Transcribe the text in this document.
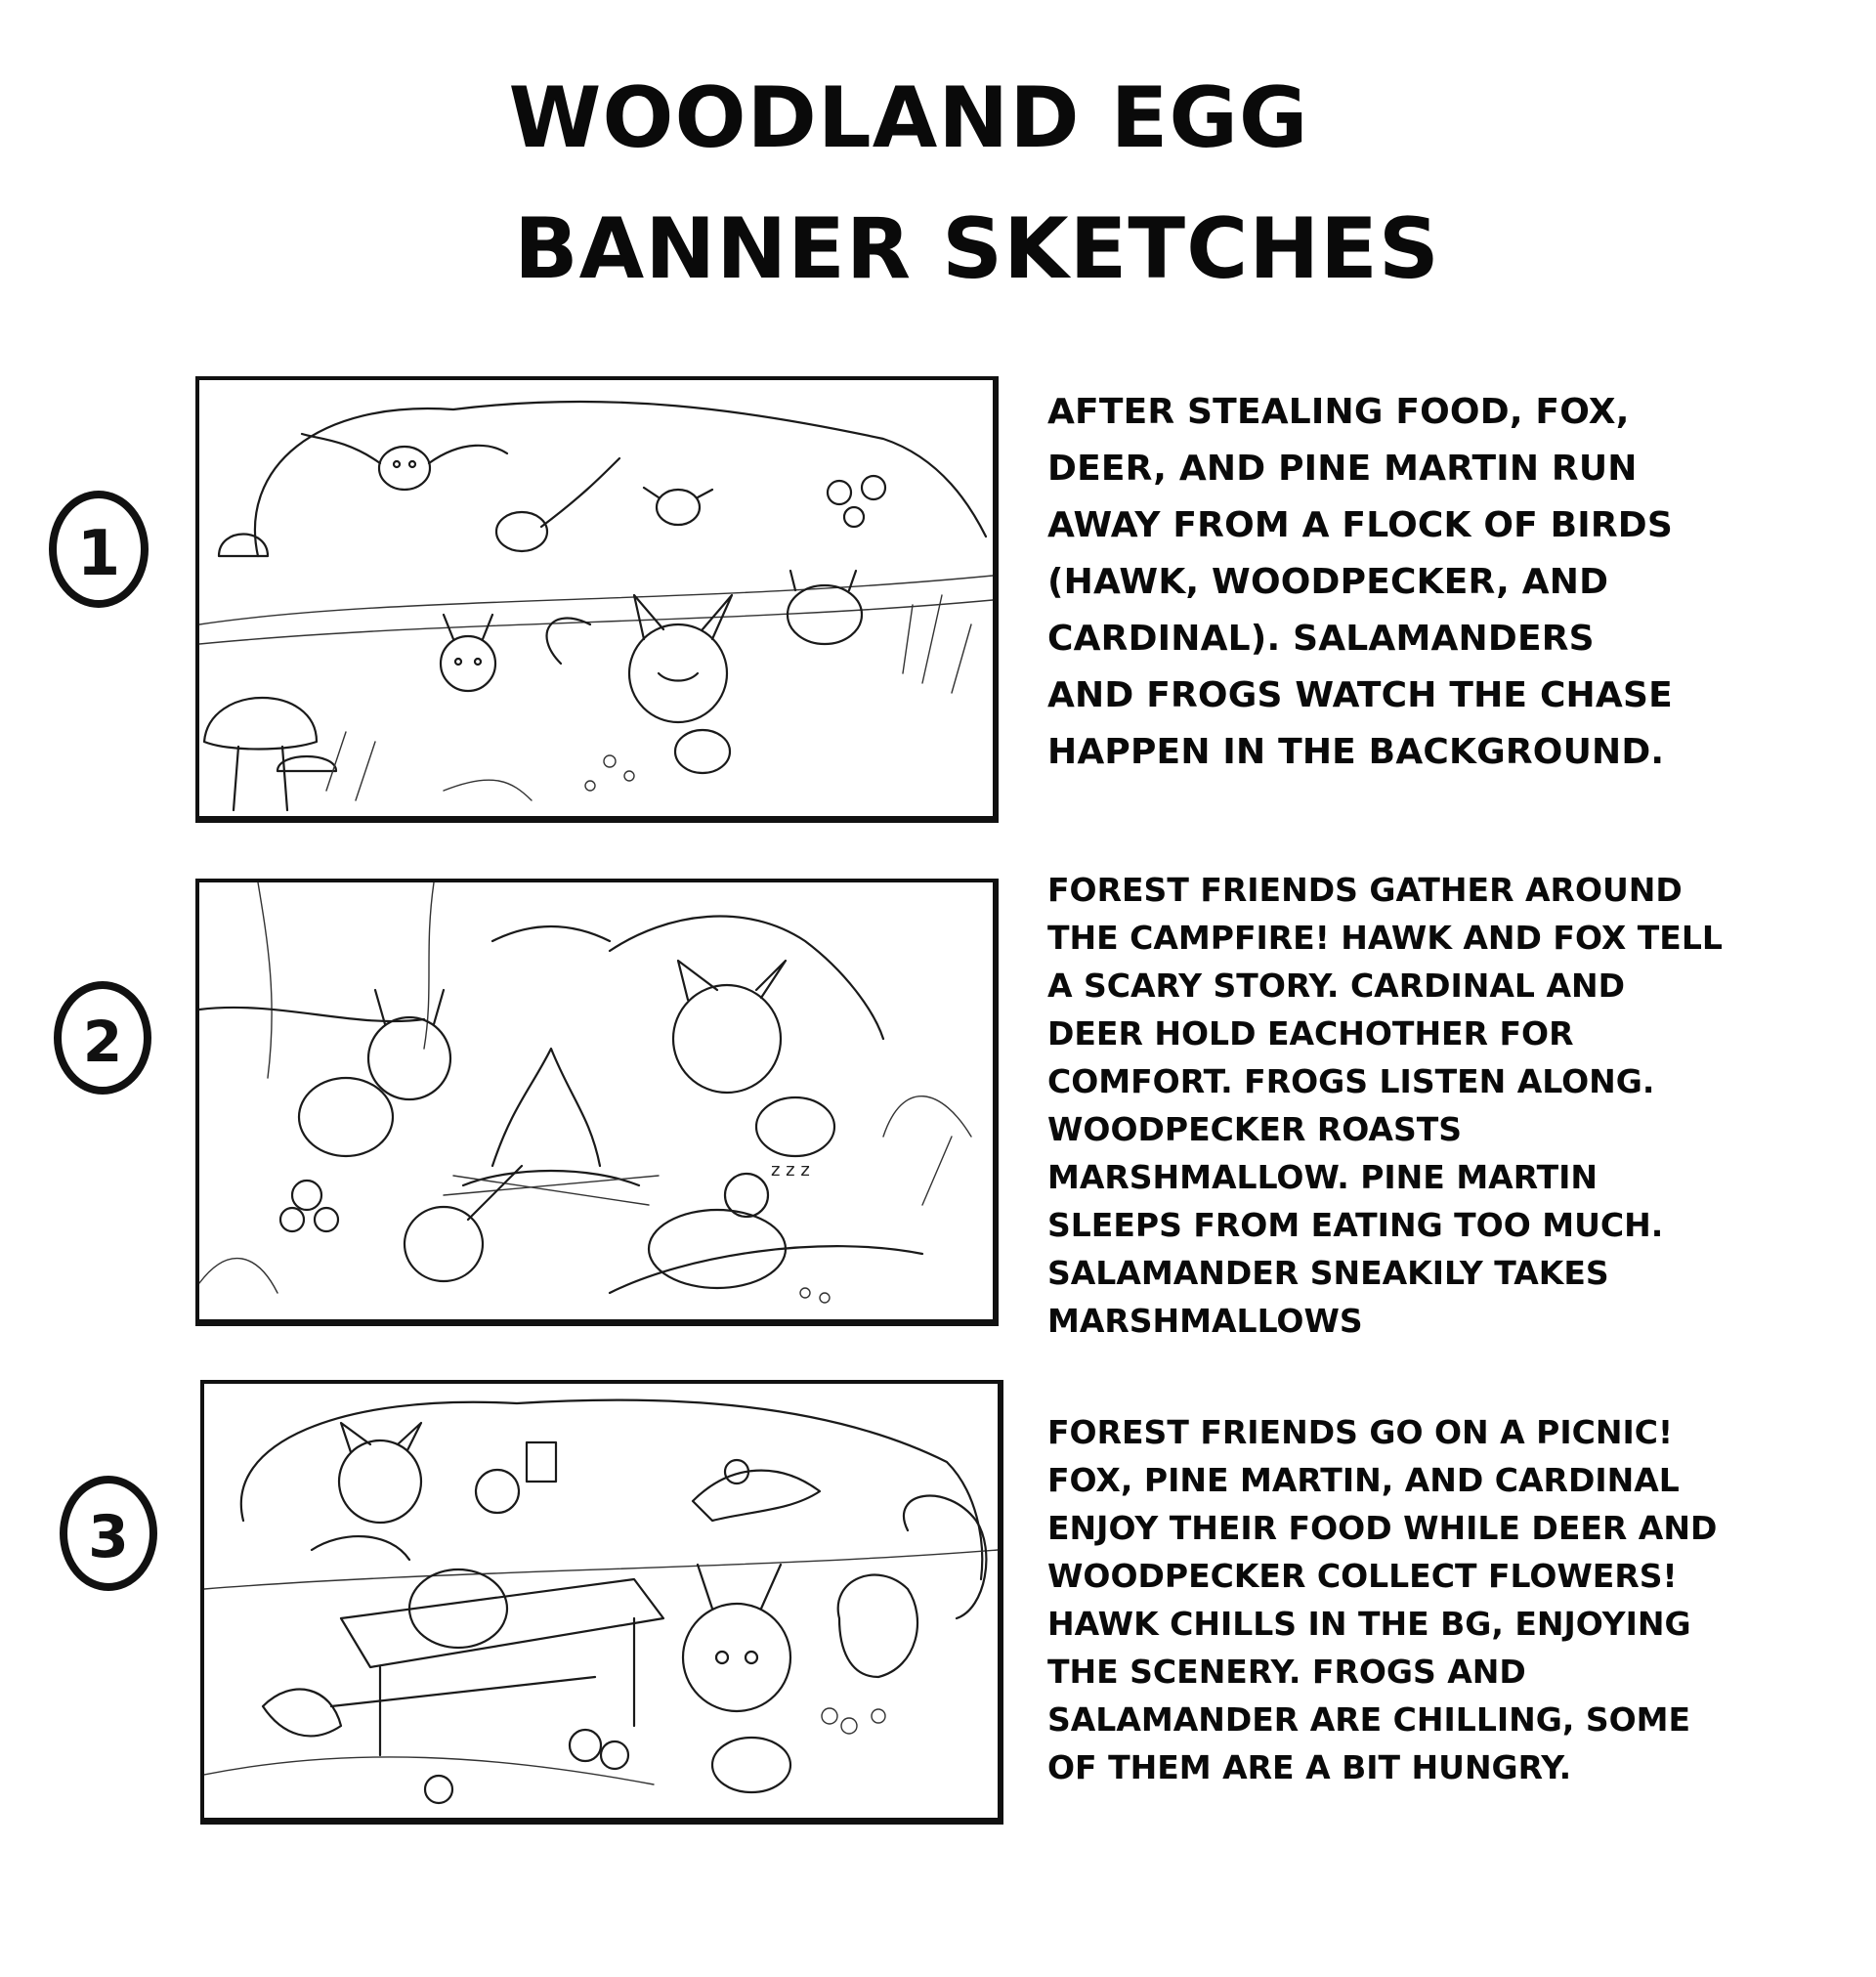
WOODLAND EGG
BANNER SKETCHES
1

AFTER STEALING FOOD, FOX,
DEER, AND PINE MARTIN RUN
AWAY FROM A FLOCK OF BIRDS
(HAWK, WOODPECKER, AND
CARDINAL). SALAMANDERS
AND FROGS WATCH THE CHASE
HAPPEN IN THE BACKGROUND.

2
z z z

FOREST FRIENDS GATHER AROUND
THE CAMPFIRE! HAWK AND FOX TELL
A SCARY STORY. CARDINAL AND
DEER HOLD EACHOTHER FOR
COMFORT. FROGS LISTEN ALONG.
WOODPECKER ROASTS
MARSHMALLOW. PINE MARTIN
SLEEPS FROM EATING TOO MUCH.
SALAMANDER SNEAKILY TAKES
MARSHMALLOWS

3

FOREST FRIENDS GO ON A PICNIC!
FOX, PINE MARTIN, AND CARDINAL
ENJOY THEIR FOOD WHILE DEER AND
WOODPECKER COLLECT FLOWERS!
HAWK CHILLS IN THE BG, ENJOYING
THE SCENERY. FROGS AND
SALAMANDER ARE CHILLING, SOME
OF THEM ARE A BIT HUNGRY.
